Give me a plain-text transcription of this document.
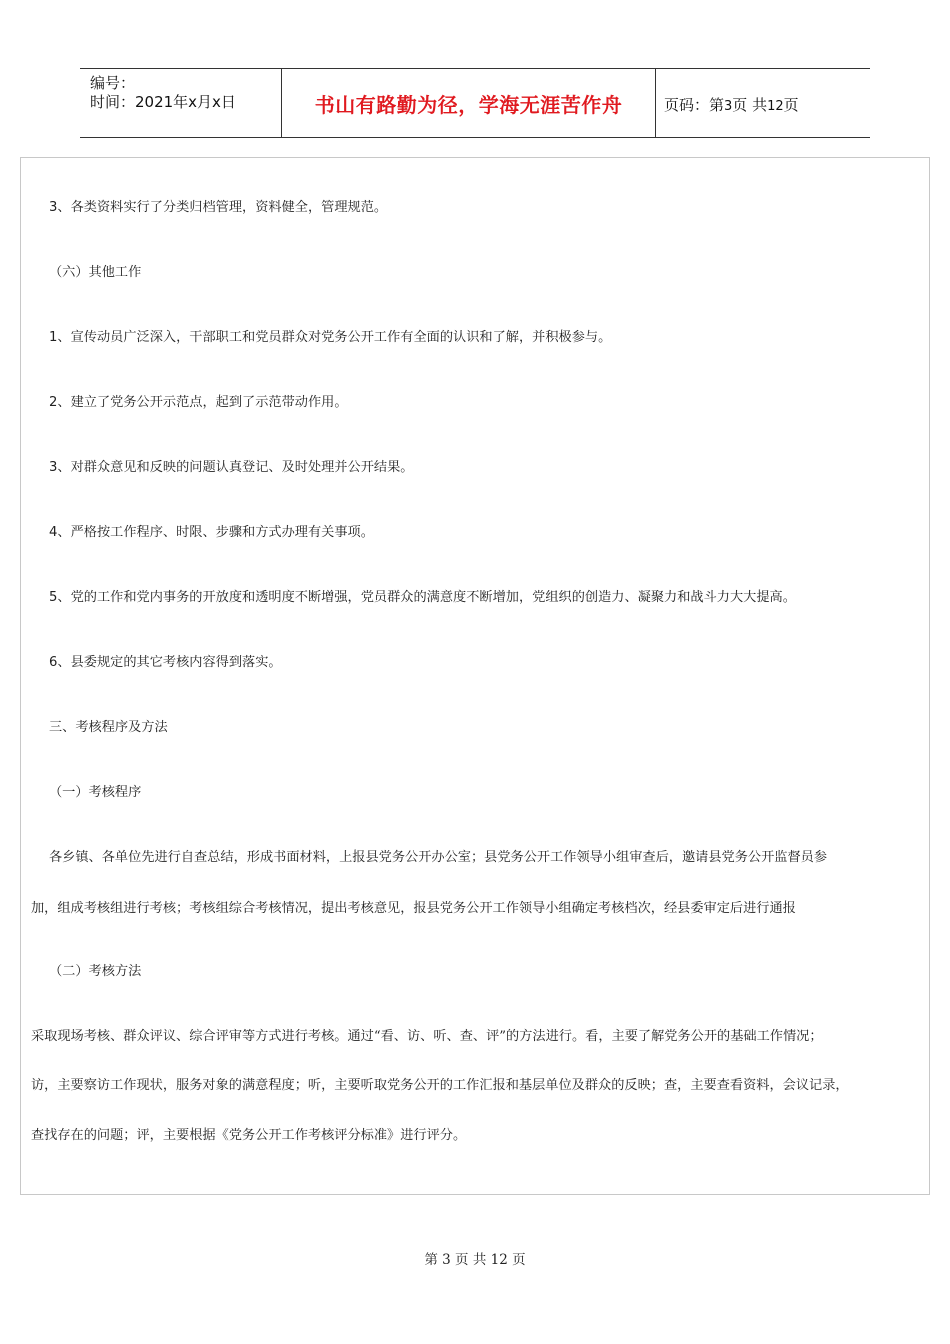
编号：
时间：2021年x月x日	书山有路勤为径，学海无涯苦作舟	页码：第3页 共12页
3、各类资料实行了分类归档管理，资料健全，管理规范。
（六）其他工作
1、宣传动员广泛深入，干部职工和党员群众对党务公开工作有全面的认识和了解，并积极参与。
2、建立了党务公开示范点，起到了示范带动作用。
3、对群众意见和反映的问题认真登记、及时处理并公开结果。
4、严格按工作程序、时限、步骤和方式办理有关事项。
5、党的工作和党内事务的开放度和透明度不断增强，党员群众的满意度不断增加，党组织的创造力、凝聚力和战斗力大大提高。
6、县委规定的其它考核内容得到落实。
三、考核程序及方法
（一）考核程序
各乡镇、各单位先进行自查总结，形成书面材料，上报县党务公开办公室；县党务公开工作领导小组审查后，邀请县党务公开监督员参
加，组成考核组进行考核；考核组综合考核情况，提出考核意见，报县党务公开工作领导小组确定考核档次，经县委审定后进行通报
（二）考核方法
采取现场考核、群众评议、综合评审等方式进行考核。通过“看、访、听、查、评”的方法进行。看，主要了解党务公开的基础工作情况；
访，主要察访工作现状，服务对象的满意程度；听，主要听取党务公开的工作汇报和基层单位及群众的反映；查，主要查看资料，会议记录，
查找存在的问题；评，主要根据《党务公开工作考核评分标准》进行评分。
第 3 页 共 12 页
